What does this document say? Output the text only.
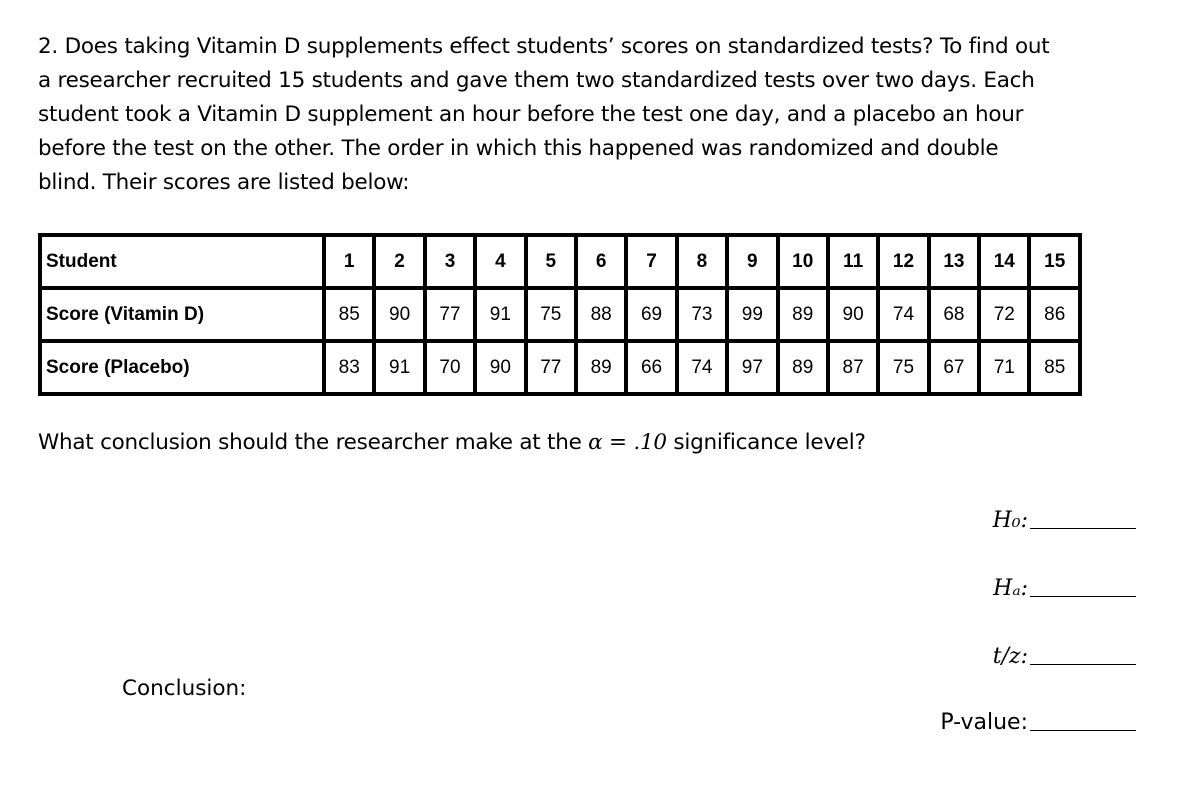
2. Does taking Vitamin D supplements effect students’ scores on standardized tests? To find out
a researcher recruited 15 students and gave them two standardized tests over two days. Each
student took a Vitamin D supplement an hour before the test one day, and a placebo an hour
before the test on the other. The order in which this happened was randomized and double
blind. Their scores are listed below:
Student	1	2	3	4	5	6	7	8	9	10	11	12	13	14	15
Score (Vitamin D)	85	90	77	91	75	88	69	73	99	89	90	74	68	72	86
Score (Placebo)	83	91	70	90	77	89	66	74	97	89	87	75	67	71	85
What conclusion should the researcher make at the α = .10 significance level?
H₀:
Hₐ:
t/z:
P-value:
Conclusion:
